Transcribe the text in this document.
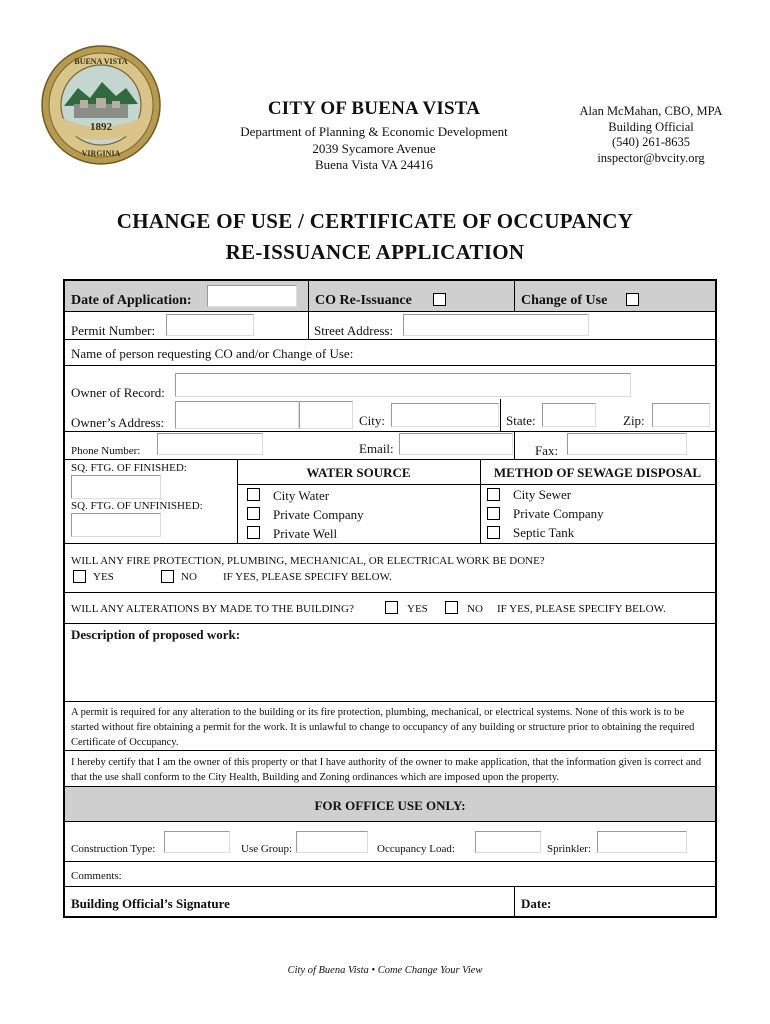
1892
BUENA VISTA
VIRGINIA
CITY OF BUENA VISTA
Department of Planning & Economic Development
2039 Sycamore Avenue
Buena Vista VA 24416
Alan McMahan, CBO, MPA
Building Official
(540) 261-8635
inspector@bvcity.org
CHANGE OF USE / CERTIFICATE OF OCCUPANCY
RE-ISSUANCE APPLICATION
Date of Application:	CO Re-Issuance	Change of Use
Permit Number:	Street Address:
Name of person requesting CO and/or Change of Use:
Owner of Record:
Owner’s Address:	City:	State:	Zip:
Phone Number:	Email:	Fax:
SQ. FTG. OF FINISHED:
SQ. FTG. OF UNFINISHED:
WATER SOURCE
City Water
Private Company
Private Well
METHOD OF SEWAGE DISPOSAL
City Sewer
Private Company
Septic Tank
WILL ANY FIRE PROTECTION, PLUMBING, MECHANICAL, OR ELECTRICAL WORK BE DONE?
YES	NO IF YES, PLEASE SPECIFY BELOW.
WILL ANY ALTERATIONS BY MADE TO THE BUILDING?	YES	NO IF YES, PLEASE SPECIFY BELOW.
Description of proposed work:
A permit is required for any alteration to the building or its fire protection, plumbing, mechanical, or electrical systems. None of this work is to be started without fire obtaining a permit for the work. It is unlawful to change to occupancy of any building or structure prior to obtaining the required Certificate of Occupancy.
I hereby certify that I am the owner of this property or that I have authority of the owner to make application, that the information given is correct and that the use shall conform to the City Health, Building and Zoning ordinances which are imposed upon the property.
FOR OFFICE USE ONLY:
Construction Type:	Use Group:	Occupancy Load:	Sprinkler:
Comments:
Building Official’s Signature	Date:
City of Buena Vista • Come Change Your View
